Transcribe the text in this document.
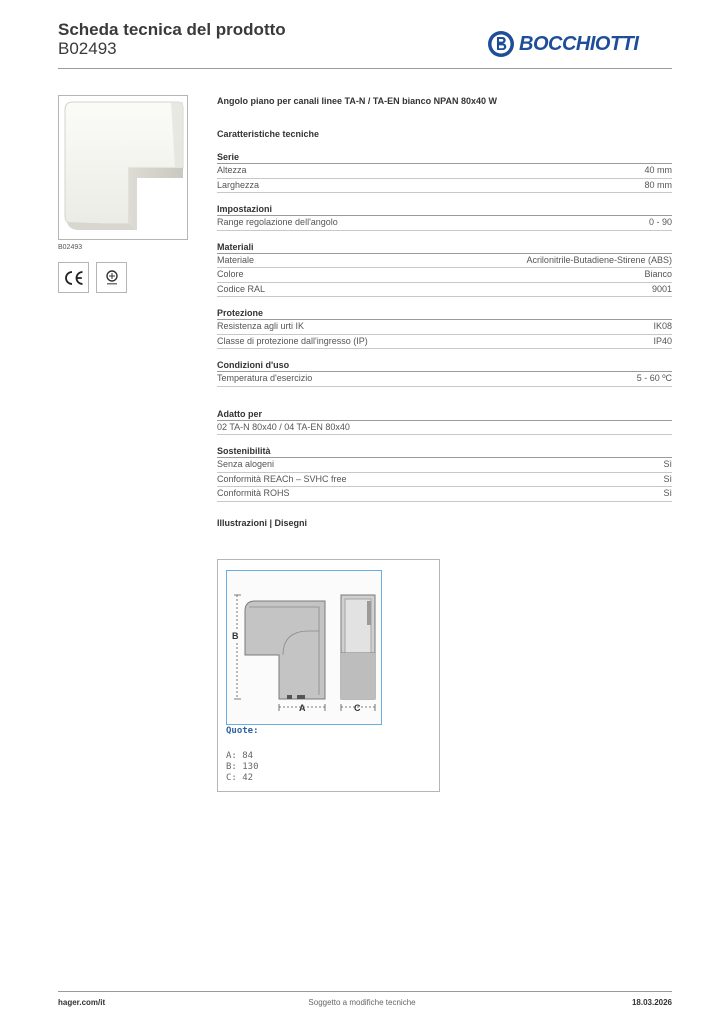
Scheda tecnica del prodotto
B02493	BOCCHIOTTI
B02493
Angolo piano per canali linee TA-N / TA-EN bianco NPAN 80x40 W
Caratteristiche tecniche
Serie
Altezza	40 mm
Larghezza	80 mm
Impostazioni
Range regolazione dell'angolo	0 - 90
Materiali
Materiale	Acrilonitrile-Butadiene-Stirene (ABS)
Colore	Bianco
Codice RAL	9001
Protezione
Resistenza agli urti IK	IK08
Classe di protezione dall'ingresso (IP)	IP40
Condizioni d'uso
Temperatura d'esercizio	5 - 60 ºC
Adatto per
02 TA-N 80x40 / 04 TA-EN 80x40
Sostenibilità
Senza alogeni	Sì
Conformità REACh – SVHC free	Sì
Conformità ROHS	Sì
Illustrazioni | Disegni
B
A	C
Quote:
A: 84
B: 130
C: 42
hager.com/it	Soggetto a modifiche tecniche	18.03.2026
